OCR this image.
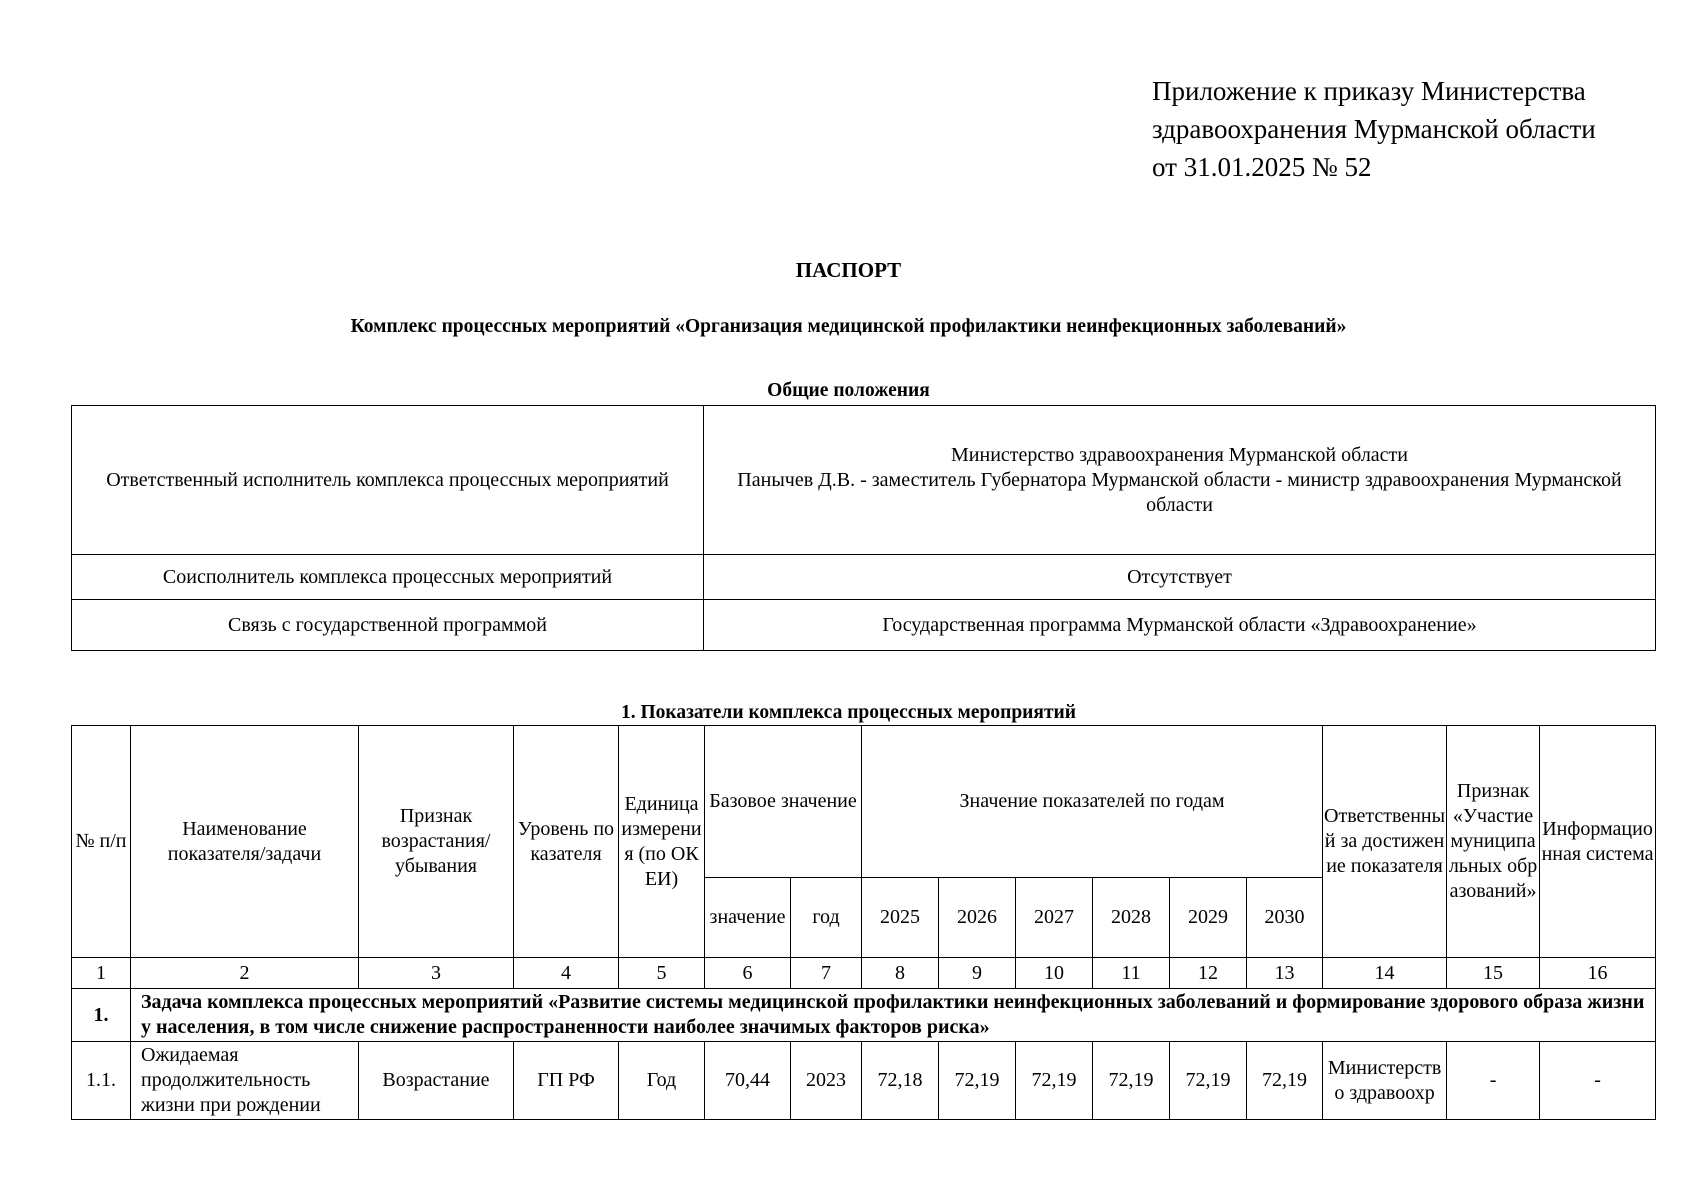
Приложение к приказу Министерства
здравоохранения Мурманской области
от 31.01.2025 № 52
ПАСПОРТ
Комплекс процессных мероприятий «Организация медицинской профилактики неинфекционных заболеваний»
Общие положения
Ответственный исполнитель комплекса процессных мероприятий	Министерство здравоохранения Мурманской области
Панычев Д.В. - заместитель Губернатора Мурманской области - министр здравоохранения Мурманской области

Соисполнитель комплекса процессных мероприятий	Отсутствует
Связь с государственной программой	Государственная программа Мурманской области «Здравоохранение»
1. Показатели комплекса процессных мероприятий
№ п/п	Наименование показателя/задачи	Признак возрастания/ убывания	Уровень показателя	Единица измерения (по ОКЕИ)	Базовое значение		Значение показателей по годам						Ответственный за достижение показателя	Признак «Участие муниципальных образований»	Информационная система
					значение	год	2025	2026	2027	2028	2029	2030			
1	2	3	4	5	6	7	8	9	10	11	12	13	14	15	16
1.	Задача комплекса процессных мероприятий «Развитие системы медицинской профилактики неинфекционных заболеваний и формирование здорового образа жизни у населения, в том числе снижение распространенности наиболее значимых факторов риска»														
1.1.	Ожидаемая продолжительность жизни при рождении	Возрастание	ГП РФ	Год	70,44	2023	72,18	72,19	72,19	72,19	72,19	72,19	Министерство здравоохр	-	-
